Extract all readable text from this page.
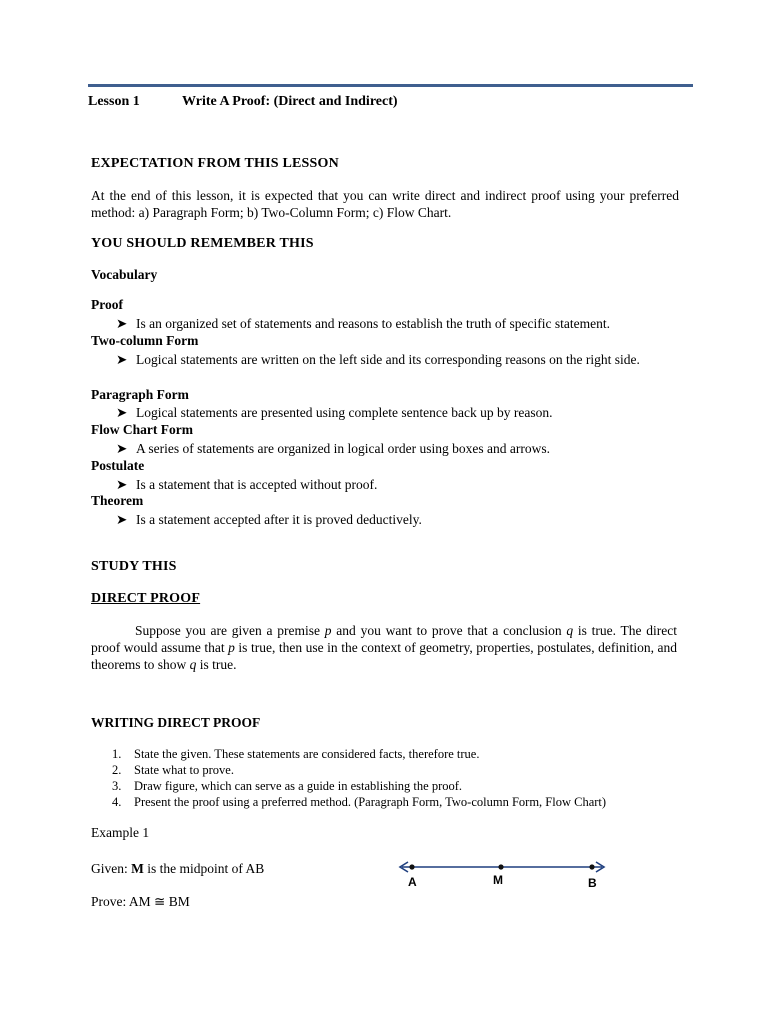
Lesson 1	Write A Proof: (Direct and Indirect)
EXPECTATION FROM THIS LESSON
At the end of this lesson, it is expected that you can write direct and indirect proof using your preferred method: a) Paragraph Form; b) Two-Column Form; c) Flow Chart.
YOU SHOULD REMEMBER THIS
Vocabulary
Proof
➤ Is an organized set of statements and reasons to establish the truth of specific statement.
Two-column Form
➤ Logical statements are written on the left side and its corresponding reasons on the right side.
Paragraph Form
➤ Logical statements are presented using complete sentence back up by reason.
Flow Chart Form
➤ A series of statements are organized in logical order using boxes and arrows.
Postulate
➤ Is a statement that is accepted without proof.
Theorem
➤ Is a statement accepted after it is proved deductively.
STUDY THIS
DIRECT PROOF
Suppose you are given a premise p and you want to prove that a conclusion q is true. The direct proof would assume that p is true, then use in the context of geometry, properties, postulates, definition, and theorems to show q is true.
WRITING DIRECT PROOF
1. State the given. These statements are considered facts, therefore true.
2. State what to prove.
3. Draw figure, which can serve as a guide in establishing the proof.
4. Present the proof using a preferred method. (Paragraph Form, Two-column Form, Flow Chart)
Example 1
Given: M is the midpoint of AB
Prove: AM ≅ BM
A	M	B
